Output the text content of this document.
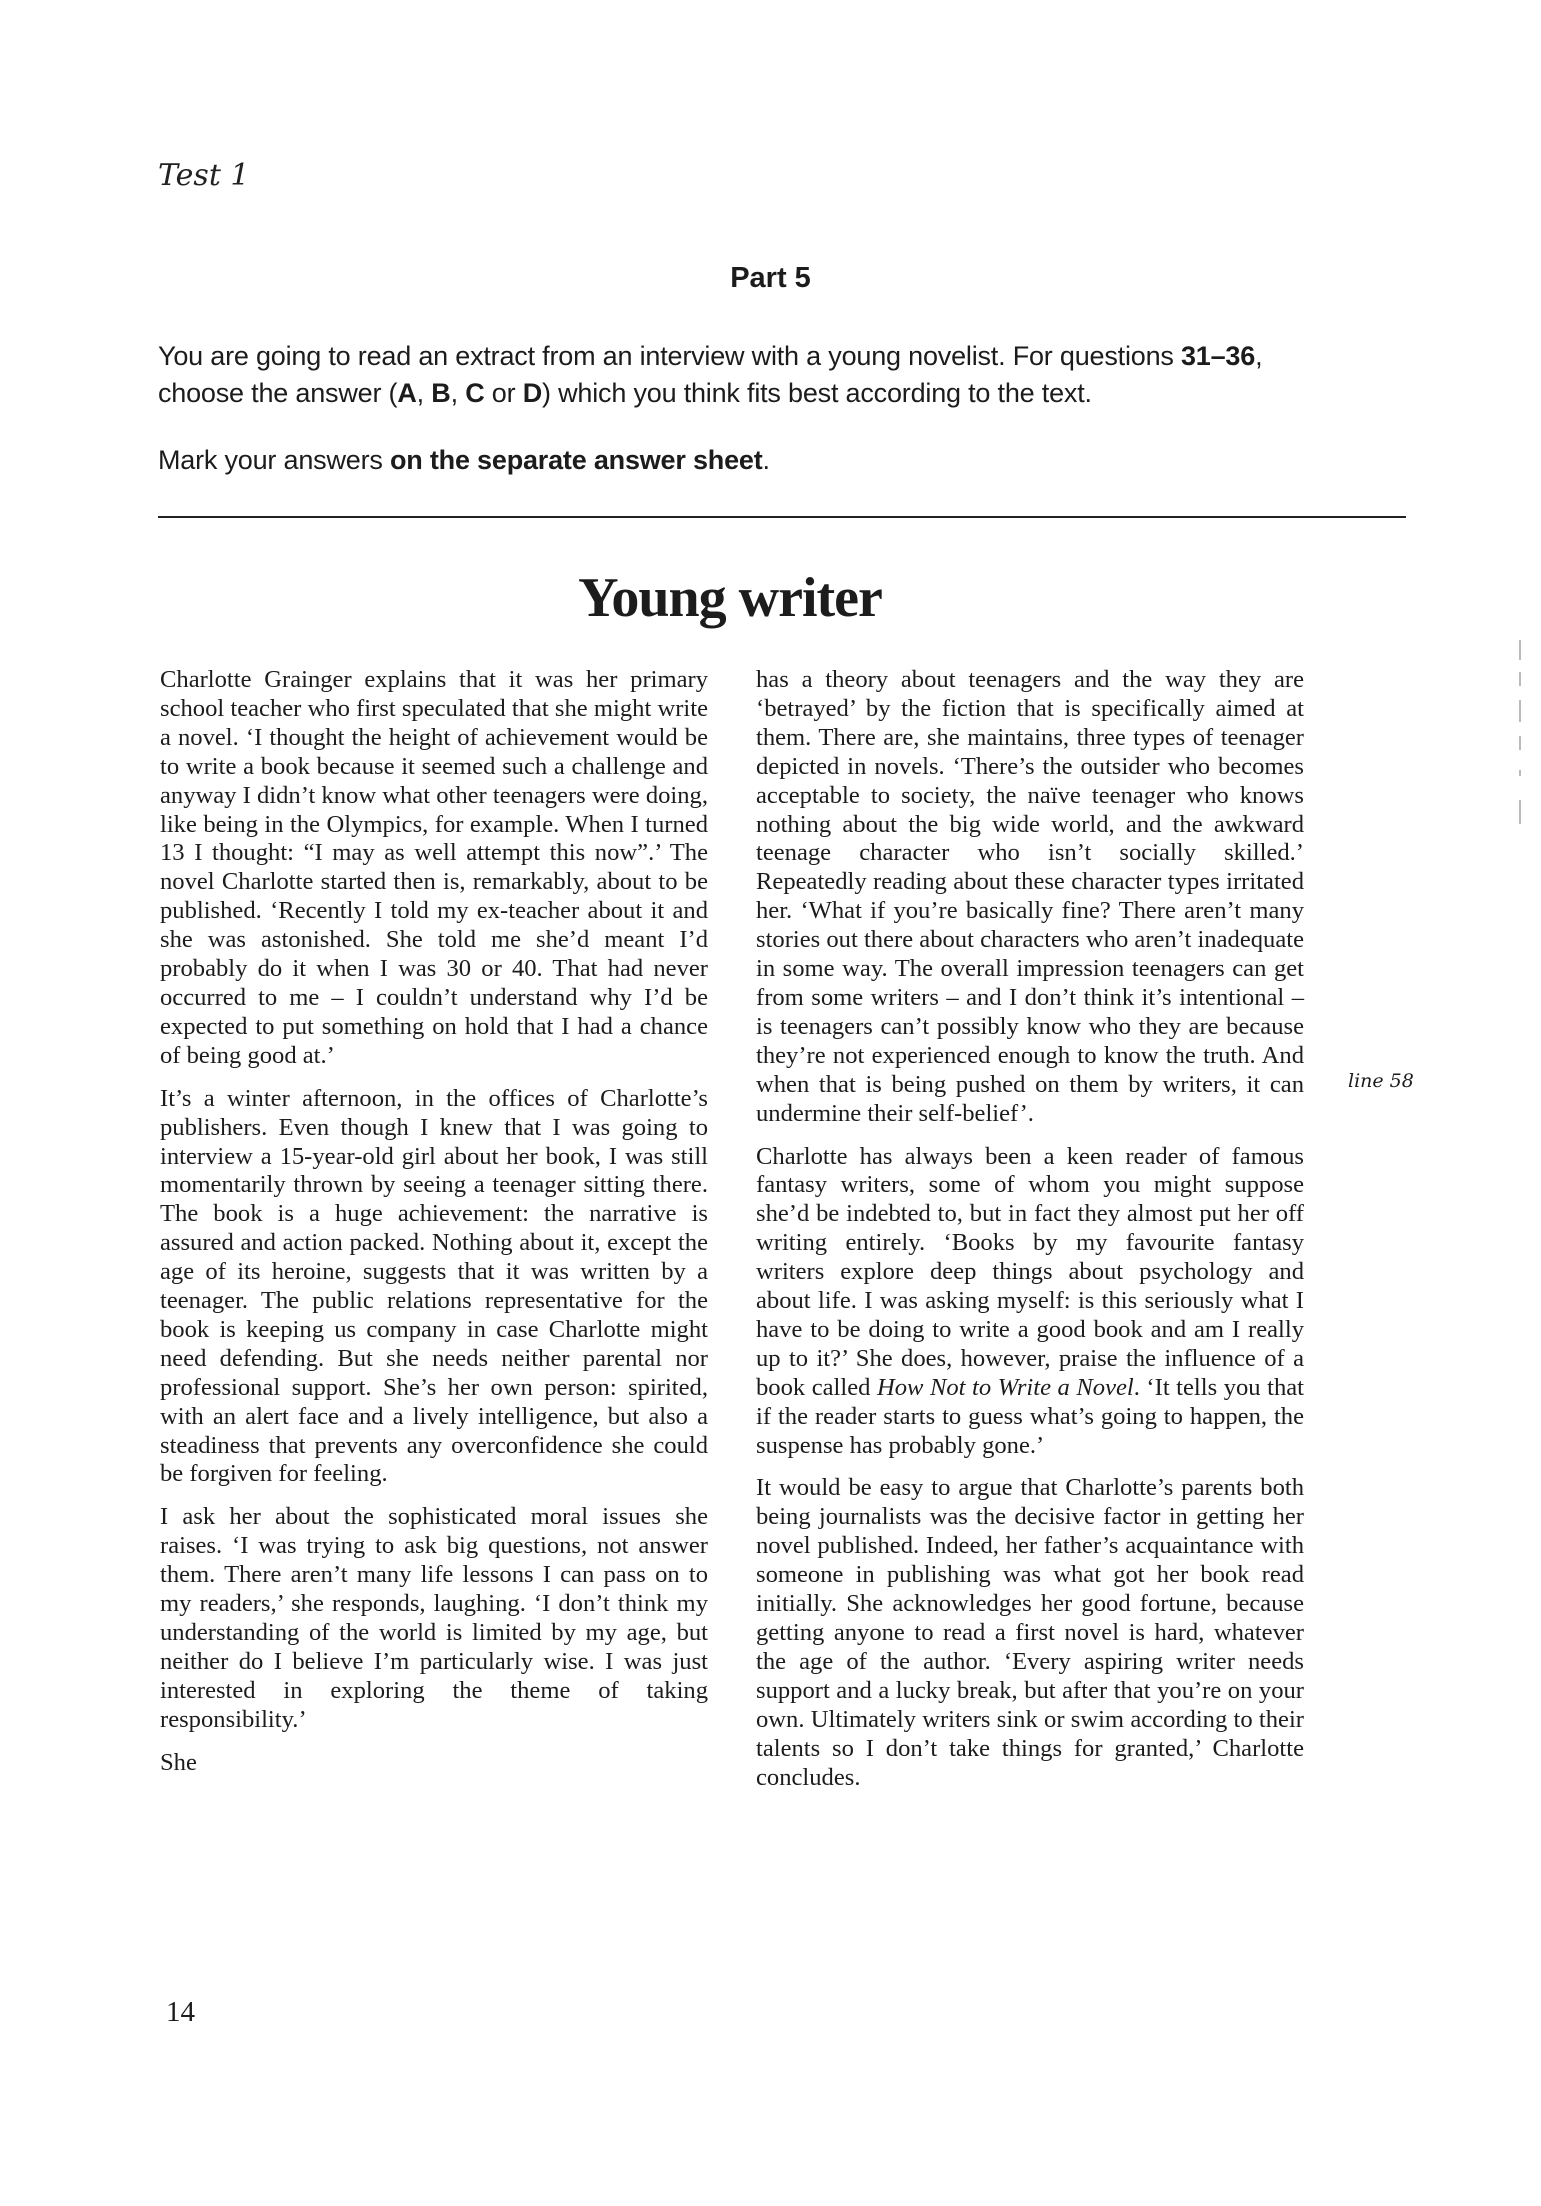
Test 1
Part 5

You are going to read an extract from an interview with a young novelist. For questions 31–36,

choose the answer (A, B, C or D) which you think fits best according to the text.

Mark your answers on the separate answer sheet.

Young writer

Charlotte Grainger explains that it was her primary school teacher who first speculated that she might write a novel. ‘I thought the height of achievement would be to write a book because it seemed such a challenge and anyway I didn’t know what other teenagers were doing, like being in the Olympics, for example. When I turned 13 I thought: “I may as well attempt this now”.’ The novel Charlotte started then is, remarkably, about to be published. ‘Recently I told my ex-teacher about it and she was astonished. She told me she’d meant I’d probably do it when I was 30 or 40. That had never occurred to me – I couldn’t understand why I’d be expected to put something on hold that I had a chance of being good at.’

It’s a winter afternoon, in the offices of Charlotte’s publishers. Even though I knew that I was going to interview a 15-year-old girl about her book, I was still momentarily thrown by seeing a teenager sitting there. The book is a huge achievement: the narrative is assured and action packed. Nothing about it, except the age of its heroine, suggests that it was written by a teenager. The public relations representative for the book is keeping us company in case Charlotte might need defending. But she needs neither parental nor professional support. She’s her own person: spirited, with an alert face and a lively intelligence, but also a steadiness that prevents any overconfidence she could be forgiven for feeling.

I ask her about the sophisticated moral issues she raises. ‘I was trying to ask big questions, not answer them. There aren’t many life lessons I can pass on to my readers,’ she responds, laughing. ‘I don’t think my understanding of the world is limited by my age, but neither do I believe I’m particularly wise. I was just interested in exploring the theme of taking responsibility.’

She

has a theory about teenagers and the way they are ‘betrayed’ by the fiction that is specifically aimed at them. There are, she maintains, three types of teenager depicted in novels. ‘There’s the outsider who becomes acceptable to society, the naïve teenager who knows nothing about the big wide world, and the awkward teenage character who isn’t socially skilled.’ Repeatedly reading about these character types irritated her. ‘What if you’re basically fine? There aren’t many stories out there about characters who aren’t inadequate in some way. The overall impression teenagers can get from some writers – and I don’t think it’s intentional – is teenagers can’t possibly know who they are because they’re not experienced enough to know the truth. And when that is being pushed on them by writers, it can undermine their self-belief’.

Charlotte has always been a keen reader of famous fantasy writers, some of whom you might suppose she’d be indebted to, but in fact they almost put her off writing entirely. ‘Books by my favourite fantasy writers explore deep things about psychology and about life. I was asking myself: is this seriously what I have to be doing to write a good book and am I really up to it?’ She does, however, praise the influence of a book called How Not to Write a Novel. ‘It tells you that if the reader starts to guess what’s going to happen, the suspense has probably gone.’

It would be easy to argue that Charlotte’s parents both being journalists was the decisive factor in getting her novel published. Indeed, her father’s acquaintance with someone in publishing was what got her book read initially. She acknowledges her good fortune, because getting anyone to read a first novel is hard, whatever the age of the author. ‘Every aspiring writer needs support and a lucky break, but after that you’re on your own. Ultimately writers sink or swim according to their talents so I don’t take things for granted,’ Charlotte concludes.

line 58
14
